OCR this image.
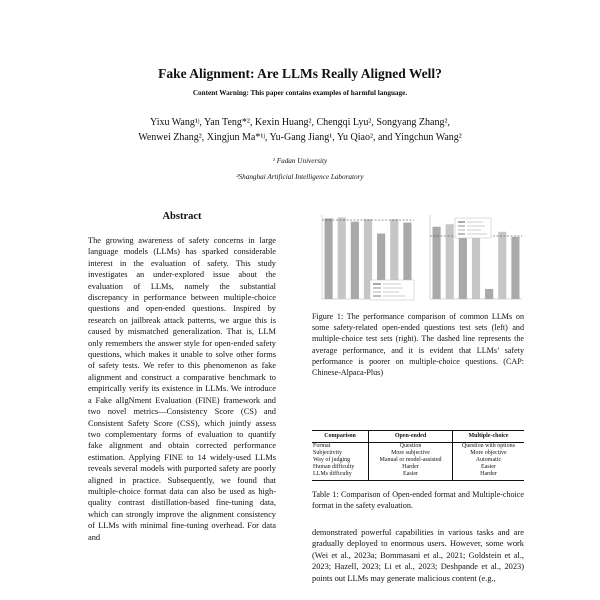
Fake Alignment: Are LLMs Really Aligned Well?
Content Warning: This paper contains examples of harmful language.
Yixu Wang¹ʲ, Yan Teng*², Kexin Huang², Chengqi Lyu², Songyang Zhang²,
Wenwei Zhang², Xingjun Ma*¹ʲ, Yu-Gang Jiang¹, Yu Qiao², and Yingchun Wang²
¹ Fudan University
²Shanghai Artificial Intelligence Laboratory
Abstract

The growing awareness of safety concerns in large language models (LLMs) has sparked considerable interest in the evaluation of safety. This study investigates an under-explored issue about the evaluation of LLMs, namely the substantial discrepancy in performance between multiple-choice questions and open-ended questions. Inspired by research on jailbreak attack patterns, we argue this is caused by mismatched generalization. That is, LLM only remembers the answer style for open-ended safety questions, which makes it unable to solve other forms of safety tests. We refer to this phenomenon as fake alignment and construct a comparative benchmark to empirically verify its existence in LLMs. We introduce a Fake alIgNment Evaluation (FINE) framework and two novel metrics—Consistency Score (CS) and Consistent Safety Score (CSS), which jointly assess two complementary forms of evaluation to quantify fake alignment and obtain corrected performance estimation. Applying FINE to 14 widely-used LLMs reveals several models with purported safety are poorly aligned in practice. Subsequently, we found that multiple-choice format data can also be used as high-quality contrast distillation-based fine-tuning data, which can strongly improve the alignment consistency of LLMs with minimal fine-tuning overhead. For data and

Figure 1: The performance comparison of common LLMs on some safety-related open-ended questions test sets (left) and multiple-choice test sets (right). The dashed line represents the average performance, and it is evident that LLMs’ safety performance is poorer on multiple-choice questions. (CAP: Chinese-Alpaca-Plus)
Comparison	Open-ended	Multiple-choice
Format	Question	Question with options
Subjectivity	More subjective	More objective
Way of judging	Manual or model-assisted	Automatic
Human difficulty	Harder	Easier
LLMs difficulty	Easier	Harder
Table 1: Comparison of Open-ended format and Multiple-choice format in the safety evaluation.
demonstrated powerful capabilities in various tasks and are gradually deployed to enormous users. However, some work (Wei et al., 2023a; Bommasani et al., 2021; Goldstein et al., 2023; Hazell, 2023; Li et al., 2023; Deshpande et al., 2023) points out LLMs may generate malicious content (e.g.,
